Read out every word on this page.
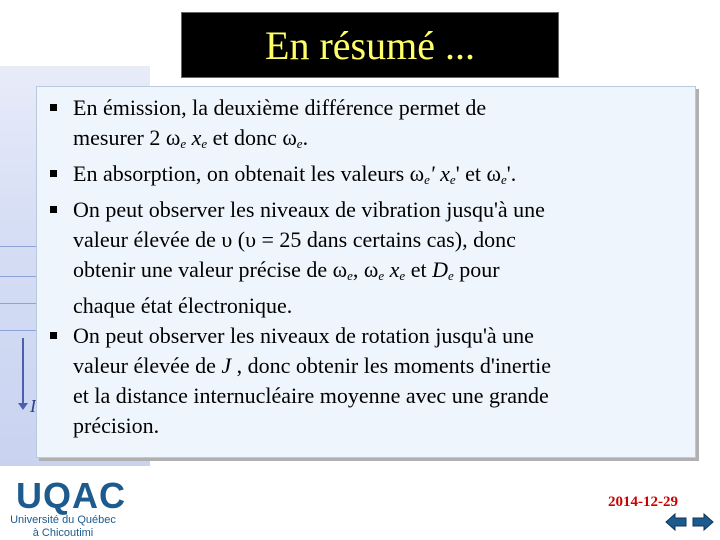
I
En résumé ...
En émission, la deuxième différence permet de
mesurer 2 $\omega_e$ $x_e$ et donc $\omega_e$.
En absorption, on obtenait les valeurs $\omega_e'$ $x_e'$ et $\omega_e'$.
On peut observer les niveaux de vibration jusqu'à une
valeur élevée de υ (υ = 25 dans certains cas), donc
obtenir une valeur précise de $\omega_e$, $\omega_e$ $x_e$ et $D_e$ pour
chaque état électronique.
On peut observer les niveaux de rotation jusqu'à une
valeur élevée de J , donc obtenir les moments d'inertie
et la distance internucléaire moyenne avec une grande
précision.
UQAC
Université du Québec
à Chicoutimi
2014-12-29
